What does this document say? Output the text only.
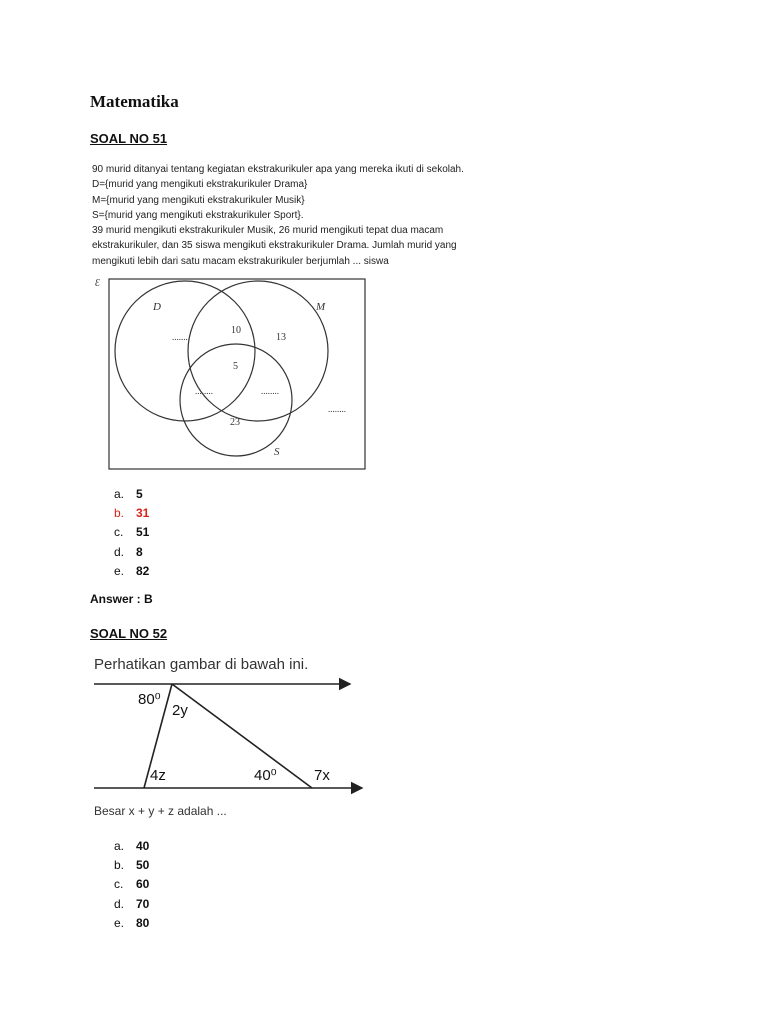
Matematika
SOAL NO 51
90 murid ditanyai tentang kegiatan ekstrakurikuler apa yang mereka ikuti di sekolah.
D={murid yang mengikuti ekstrakurikuler Drama}
M={murid yang mengikuti ekstrakurikuler Musik}
S={murid yang mengikuti ekstrakurikuler Sport}.
39 murid mengikuti ekstrakurikuler Musik, 26 murid mengikuti tepat dua macam
ekstrakurikuler, dan 35 siswa mengikuti ekstrakurikuler Drama. Jumlah murid yang
mengikuti lebih dari satu macam ekstrakurikuler berjumlah ... siswa
Ɛ
D	M
S
........
10
13
5
........	........
23
........
a. 5
b. 31
c.	51
d. 8
e. 82
Answer : B
SOAL NO 52
Perhatikan gambar di bawah ini.
80⁰
2y
4z	40⁰ 7x
Besar x + y + z adalah ...
a. 40
b. 50
c.	60
d. 70
e. 80
